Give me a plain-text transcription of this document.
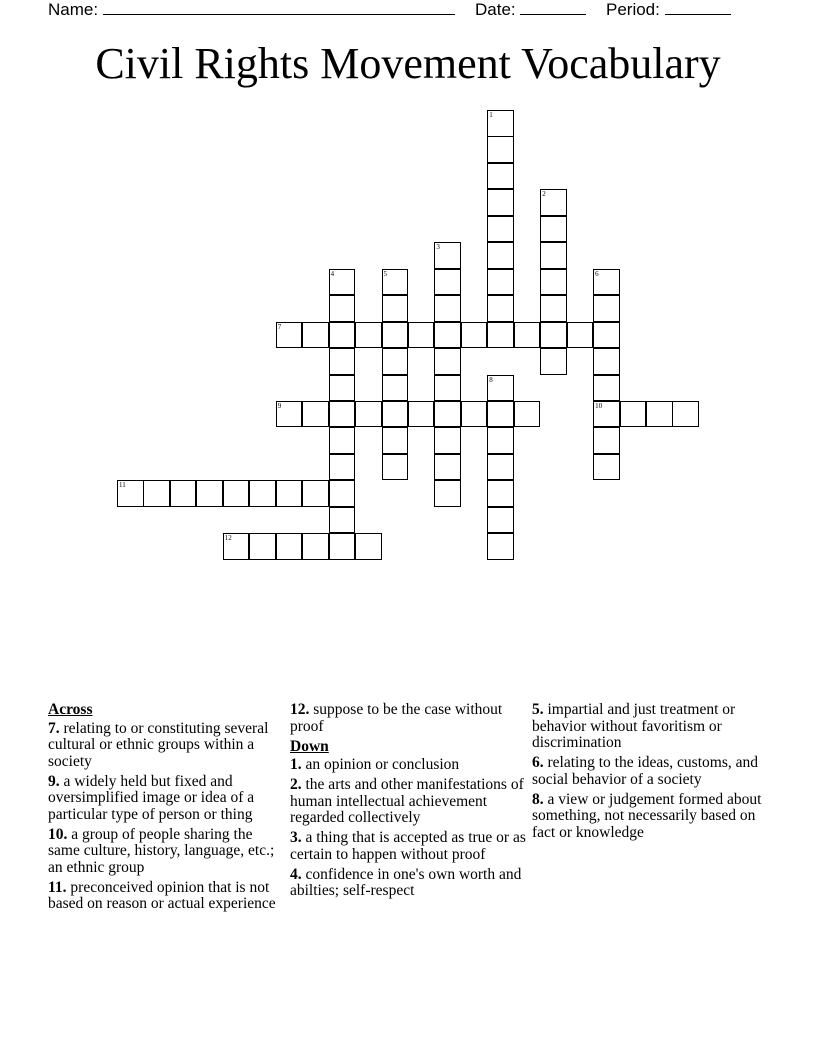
Name:	Date:	Period:
Civil Rights Movement Vocabulary
1
2
3
4	5	6
10
7
8
9
11
12
Across
7. relating to or constituting several cultural or ethnic groups within a society
9. a widely held but fixed and oversimplified image or idea of a particular type of person or thing
10. a group of people sharing the same culture, history, language, etc.; an ethnic group
11. preconceived opinion that is not based on reason or actual experience
12. suppose to be the case without proof
Down
1. an opinion or conclusion
2. the arts and other manifestations of human intellectual achievement regarded collectively
3. a thing that is accepted as true or as certain to happen without proof
4. confidence in one's own worth and abilties; self-respect
5. impartial and just treatment or behavior without favoritism or discrimination
6. relating to the ideas, customs, and social behavior of a society
8. a view or judgement formed about something, not necessarily based on fact or knowledge
